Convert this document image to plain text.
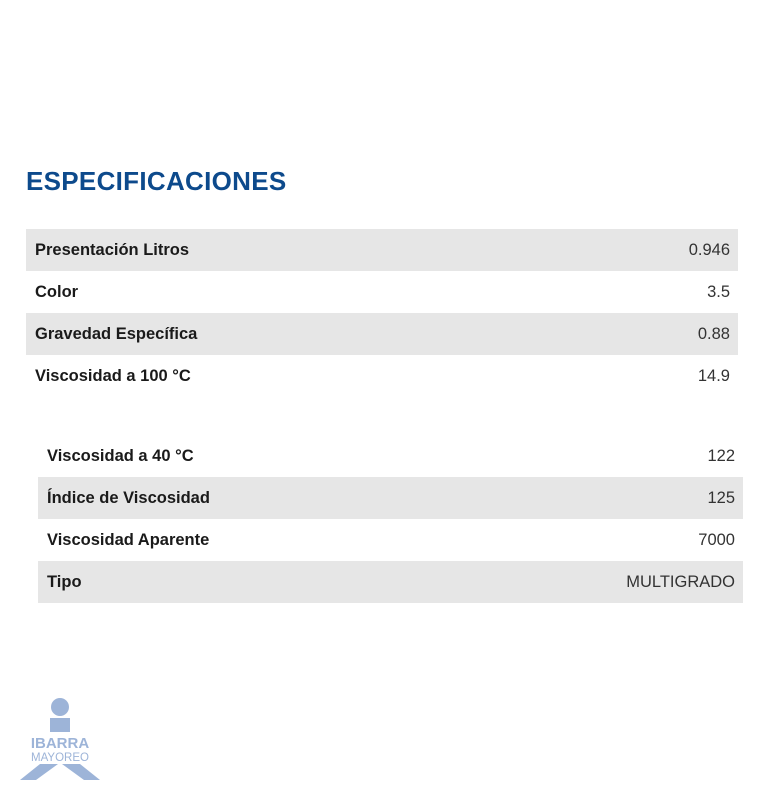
ESPECIFICACIONES
Presentación Litros	0.946
Color	3.5
Gravedad Específica	0.88
Viscosidad a 100 °C	14.9
Viscosidad a 40 °C	122
Índice de Viscosidad	125
Viscosidad Aparente	7000
Tipo	MULTIGRADO
IBARRA
MAYOREO
